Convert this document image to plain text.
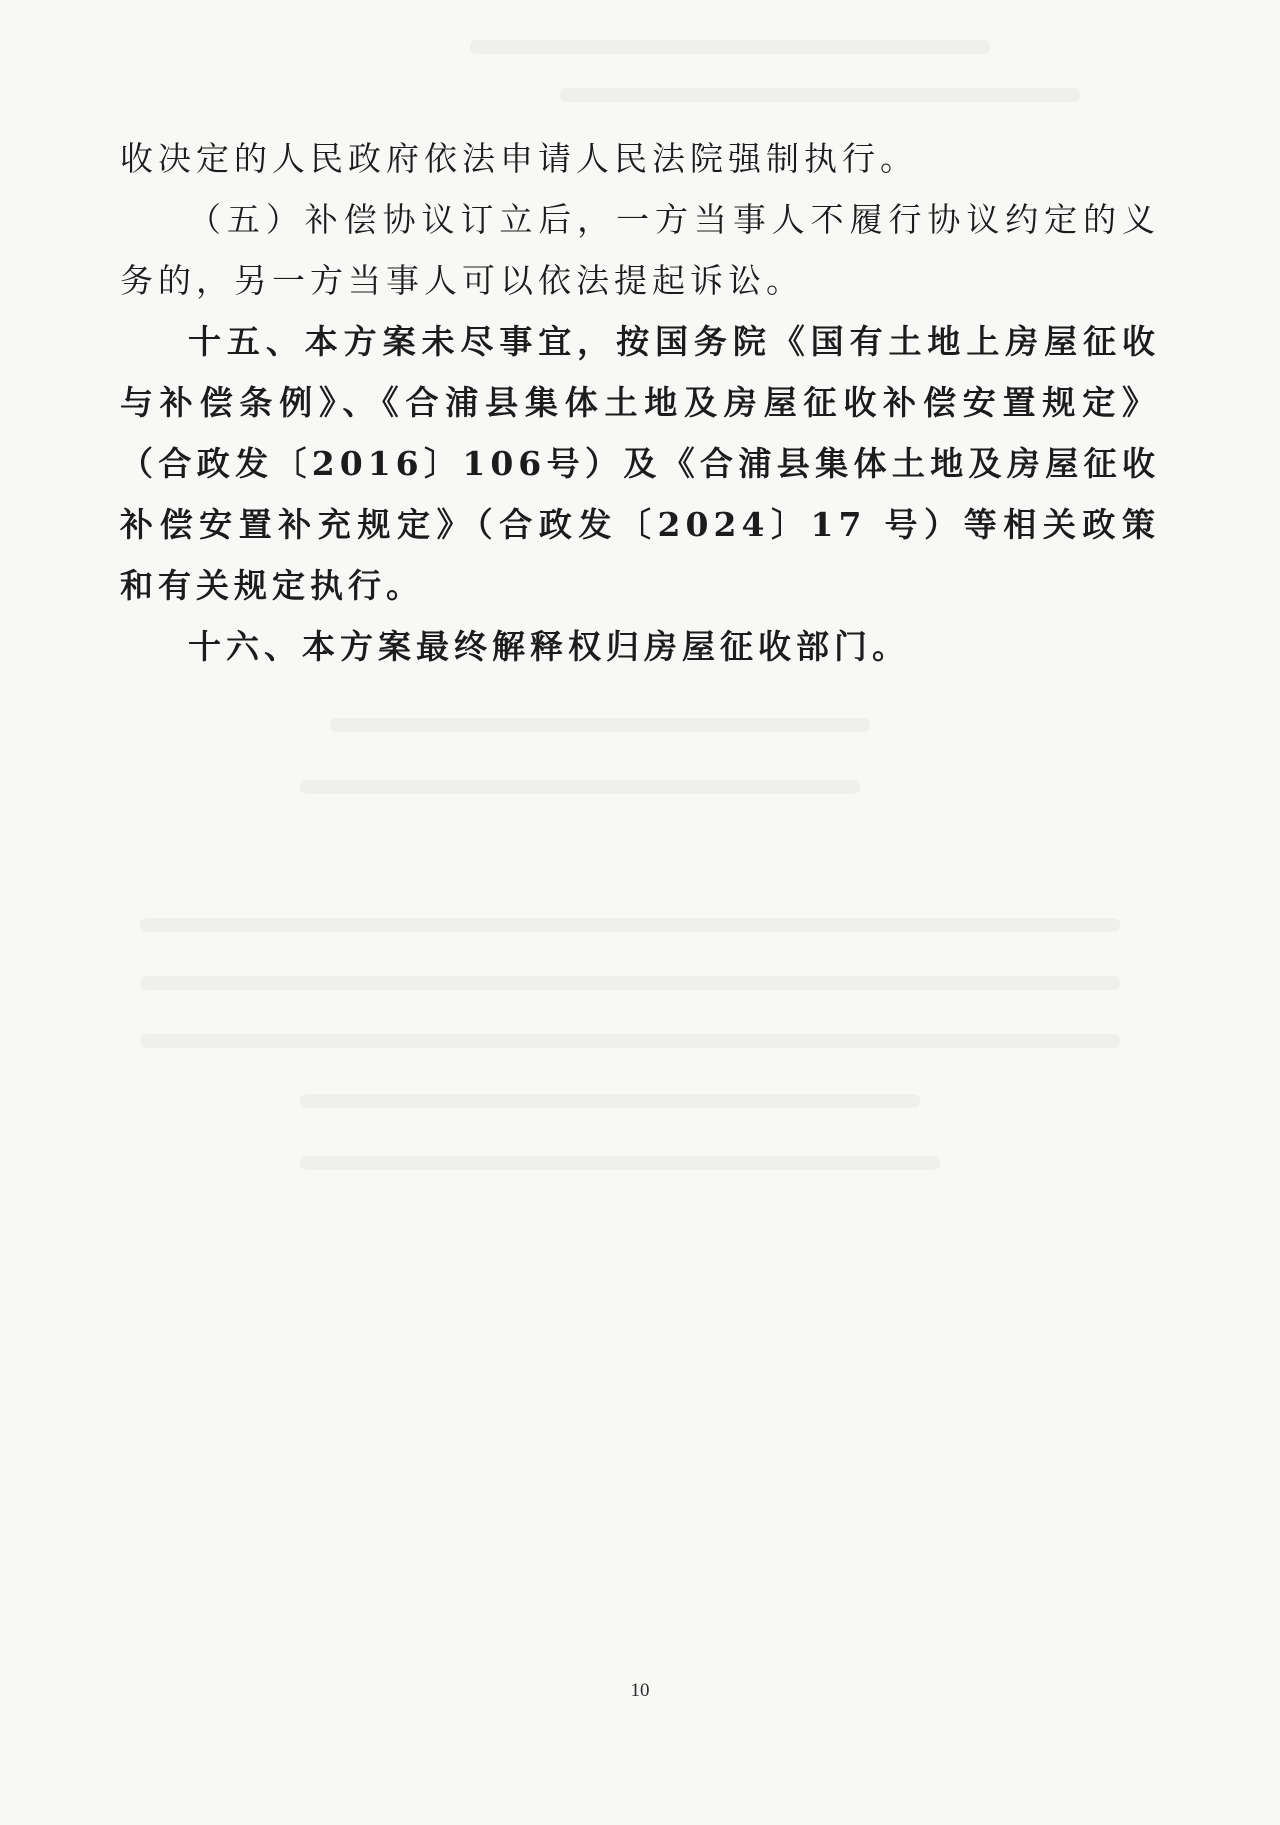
收决定的人民政府依法申请人民法院强制执行。

（五）补偿协议订立后，一方当事人不履行协议约定的义务的，另一方当事人可以依法提起诉讼。

十五、本方案未尽事宜，按国务院《国有土地上房屋征收与补偿条例》、《合浦县集体土地及房屋征收补偿安置规定》（合政发〔2016〕106号）及《合浦县集体土地及房屋征收补偿安置补充规定》（合政发〔2024〕17 号）等相关政策和有关规定执行。

十六、本方案最终解释权归房屋征收部门。

10
